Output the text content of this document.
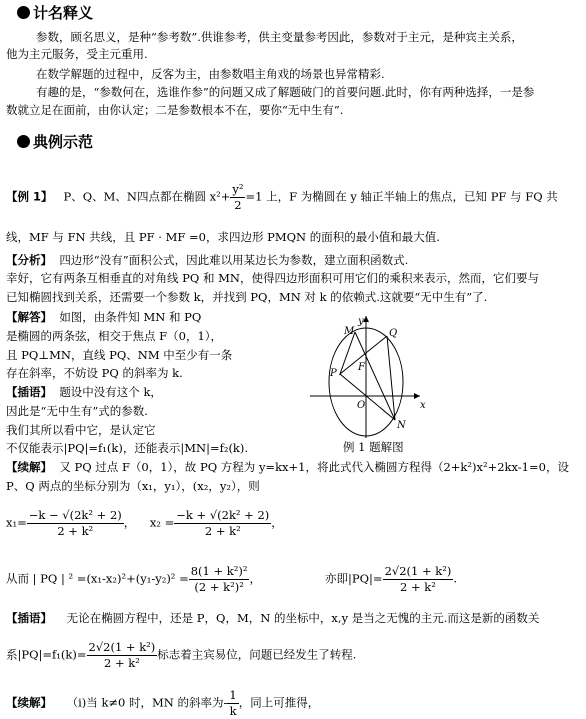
计名释义
参数，顾名思义，是种“参考数”.供谁参考，供主变量参考因此，参数对于主元，是种宾主关系，
他为主元服务，受主元重用.
在数学解题的过程中，反客为主，由参数唱主角戏的场景也异常精彩.
有趣的是，“参数何在，选谁作参”的问题又成了解题破门的首要问题.此时，你有两种选择，一是参
数就立足在面前，由你认定；二是参数根本不在，要你“无中生有”.
典例示范
【例 1】 P、Q、M、N四点都在椭圆 $x^2+ \frac{\text{y²}}{2} =1$ 上，F 为椭圆在 y 轴正半轴上的焦点，已知 PF 与 FQ 共
线，MF 与 FN 共线，且 PF · MF =0，求四边形 PMQN 的面积的最小值和最大值.
【分析】 四边形“没有”面积公式，因此难以用某边长为参数，建立面积函数式.
幸好，它有两条互相垂直的对角线 PQ 和 MN，使得四边形面积可用它们的乘积来表示，然而，它们要与
已知椭圆找到关系，还需要一个参数 k，并找到 PQ，MN 对 k 的依赖式.这就要“无中生有”了.
【解答】 如图，由条件知 MN 和 PQ
是椭圆的两条弦，相交于焦点 F（0，1），
且 PQ⊥MN，直线 PQ、NM 中至少有一条
存在斜率，不妨设 PQ 的斜率为 k.
【插语】 题设中没有这个 k，
因此是“无中生有”式的参数.
我们其所以看中它，是认定它
不仅能表示|PQ|=f₁(k)，还能表示|MN|=f₂(k).
y
x
M
P
F
Q
O
N
例 1 题解图
【续解】 又 PQ 过点 F（0，1），故 PQ 方程为 y=kx+1，将此式代入椭圆方程得（2+k²)x²+2kx-1=0，设
P、Q 两点的坐标分别为（x₁，y₁），(x₂，y₂），则
$x_1= \frac{\text{−k − √(2k² + 2)}}{\text{2 + k²}}$ ， $x_2 = \frac{\text{−k + √(2k² + 2)}}{\text{2 + k²}}$ ，
从而 | PQ | $^2 =(x_1-x_2)^2+(y_1-y_2)^2 = \frac{\text{8(1 + k²)²}}{\text{(2 + k²)²}}$ ，	亦即$|PQ|= \frac{\text{2√2(1 + k²)}}{\text{2 + k²}}$ .
【插语】 无论在椭圆方程中，还是 P，Q，M，N 的坐标中，x,y 是当之无愧的主元.而这是新的函数关
系$|PQ|=f_1(k)= \frac{\text{2√2(1 + k²)}}{\text{2 + k²}}$ 标志着主宾易位，问题已经发生了转程.
【续解】 （ⅰ)当 k≠0 时，MN 的斜率为- $\frac{1}{k}$ ，同上可推得，
